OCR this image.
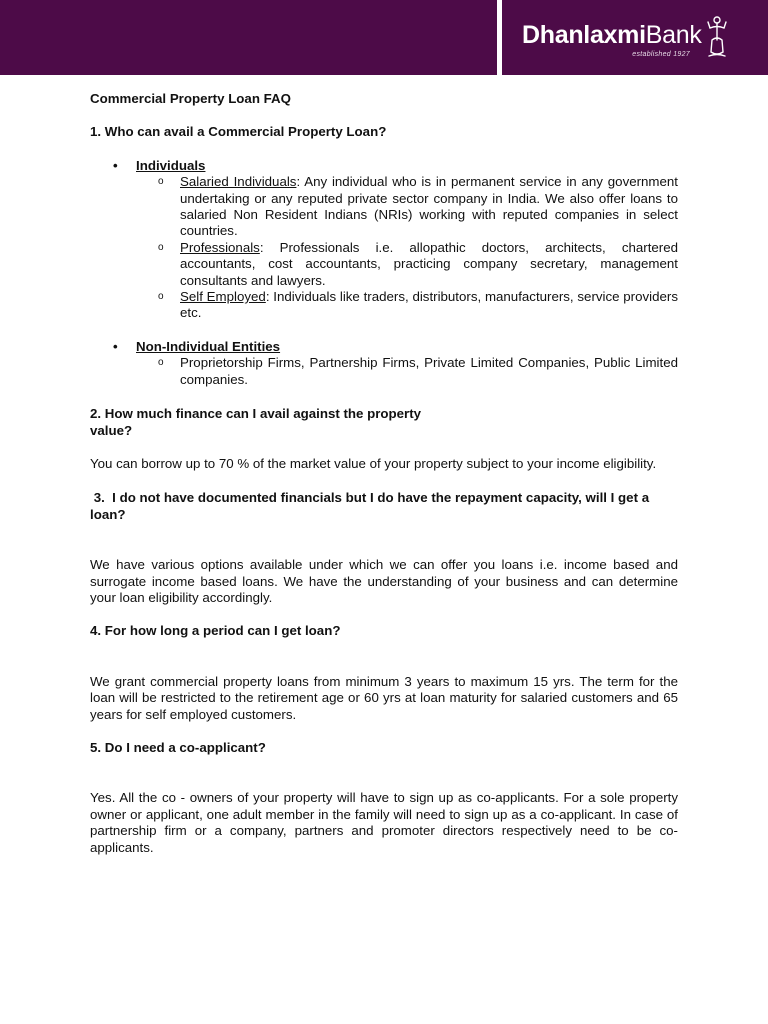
DhanlaxmiBank
established 1927

Commercial Property Loan FAQ

1. Who can avail a Commercial Property Loan?

• Individuals
o Salaried Individuals: Any individual who is in permanent service in any government undertaking or any reputed private sector company in India. We also offer loans to salaried Non Resident Indians (NRIs) working with reputed companies in select countries.
o Professionals: Professionals i.e. allopathic doctors, architects, chartered accountants, cost accountants, practicing company secretary, management consultants and lawyers.
o Self Employed: Individuals like traders, distributors, manufacturers, service providers etc.
• Non-Individual Entities
o Proprietorship Firms, Partnership Firms, Private Limited Companies, Public Limited companies.

2. How much finance can I avail against the property
value?

You can borrow up to 70 % of the market value of your property subject to your income eligibility.

3.  I do not have documented financials but I do have the repayment capacity, will I get a loan?

We have various options available under which we can offer you loans i.e. income based and surrogate income based loans. We have the understanding of your business and can determine your loan eligibility accordingly.

4. For how long a period can I get loan?

We grant commercial property loans from minimum 3 years to maximum 15 yrs. The term for the loan will be restricted to the retirement age or 60 yrs at loan maturity for salaried customers and 65 years for self employed customers.

5. Do I need a co-applicant?

Yes. All the co - owners of your property will have to sign up as co-applicants. For a sole property owner or applicant, one adult member in the family will need to sign up as a co-applicant. In case of partnership firm or a company, partners and promoter directors respectively need to be co-applicants.
